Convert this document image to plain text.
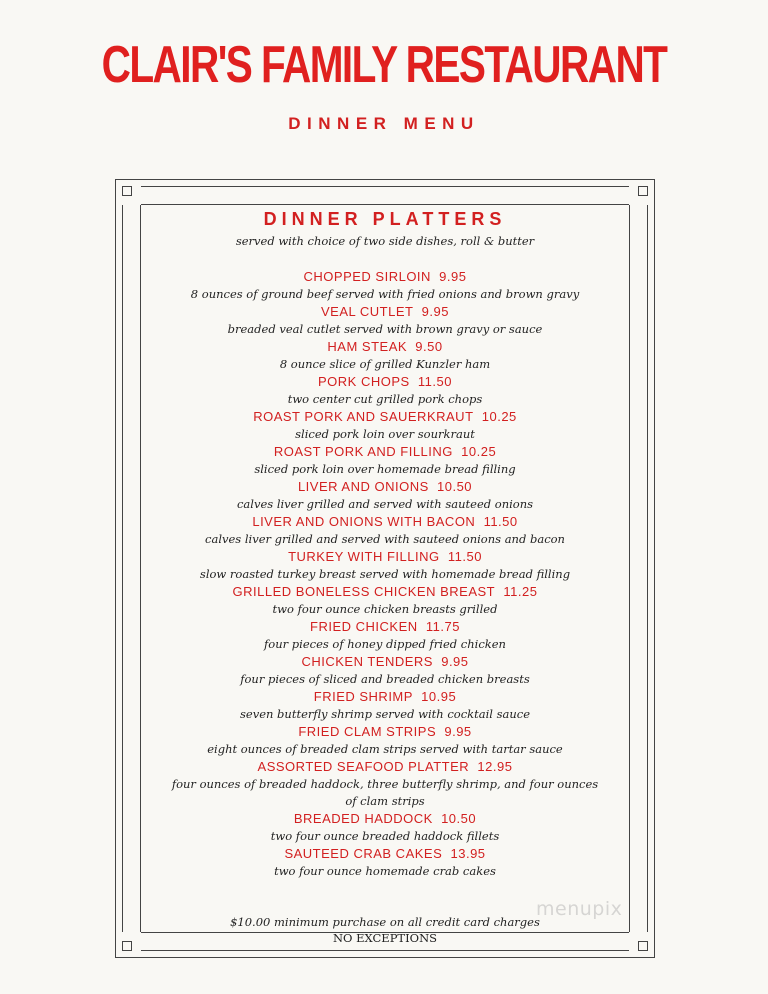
CLAIR'S FAMILY RESTAURANT
DINNER MENU
DINNER PLATTERS
served with choice of two side dishes, roll & butter
CHOPPED SIRLOIN 9.95
8 ounces of ground beef served with fried onions and brown gravy
VEAL CUTLET 9.95
breaded veal cutlet served with brown gravy or sauce
HAM STEAK 9.50
8 ounce slice of grilled Kunzler ham
PORK CHOPS 11.50
two center cut grilled pork chops
ROAST PORK AND SAUERKRAUT 10.25
sliced pork loin over sourkraut
ROAST PORK AND FILLING 10.25
sliced pork loin over homemade bread filling
LIVER AND ONIONS 10.50
calves liver grilled and served with sauteed onions
LIVER AND ONIONS WITH BACON 11.50
calves liver grilled and served with sauteed onions and bacon
TURKEY WITH FILLING 11.50
slow roasted turkey breast served with homemade bread filling
GRILLED BONELESS CHICKEN BREAST 11.25
two four ounce chicken breasts grilled
FRIED CHICKEN 11.75
four pieces of honey dipped fried chicken
CHICKEN TENDERS 9.95
four pieces of sliced and breaded chicken breasts
FRIED SHRIMP 10.95
seven butterfly shrimp served with cocktail sauce
FRIED CLAM STRIPS 9.95
eight ounces of breaded clam strips served with tartar sauce
ASSORTED SEAFOOD PLATTER 12.95
four ounces of breaded haddock, three butterfly shrimp, and four ounces of clam strips
BREADED HADDOCK 10.50
two four ounce breaded haddock fillets
SAUTEED CRAB CAKES 13.95
two four ounce homemade crab cakes
$10.00 minimum purchase on all credit card charges
NO EXCEPTIONS
menupix
